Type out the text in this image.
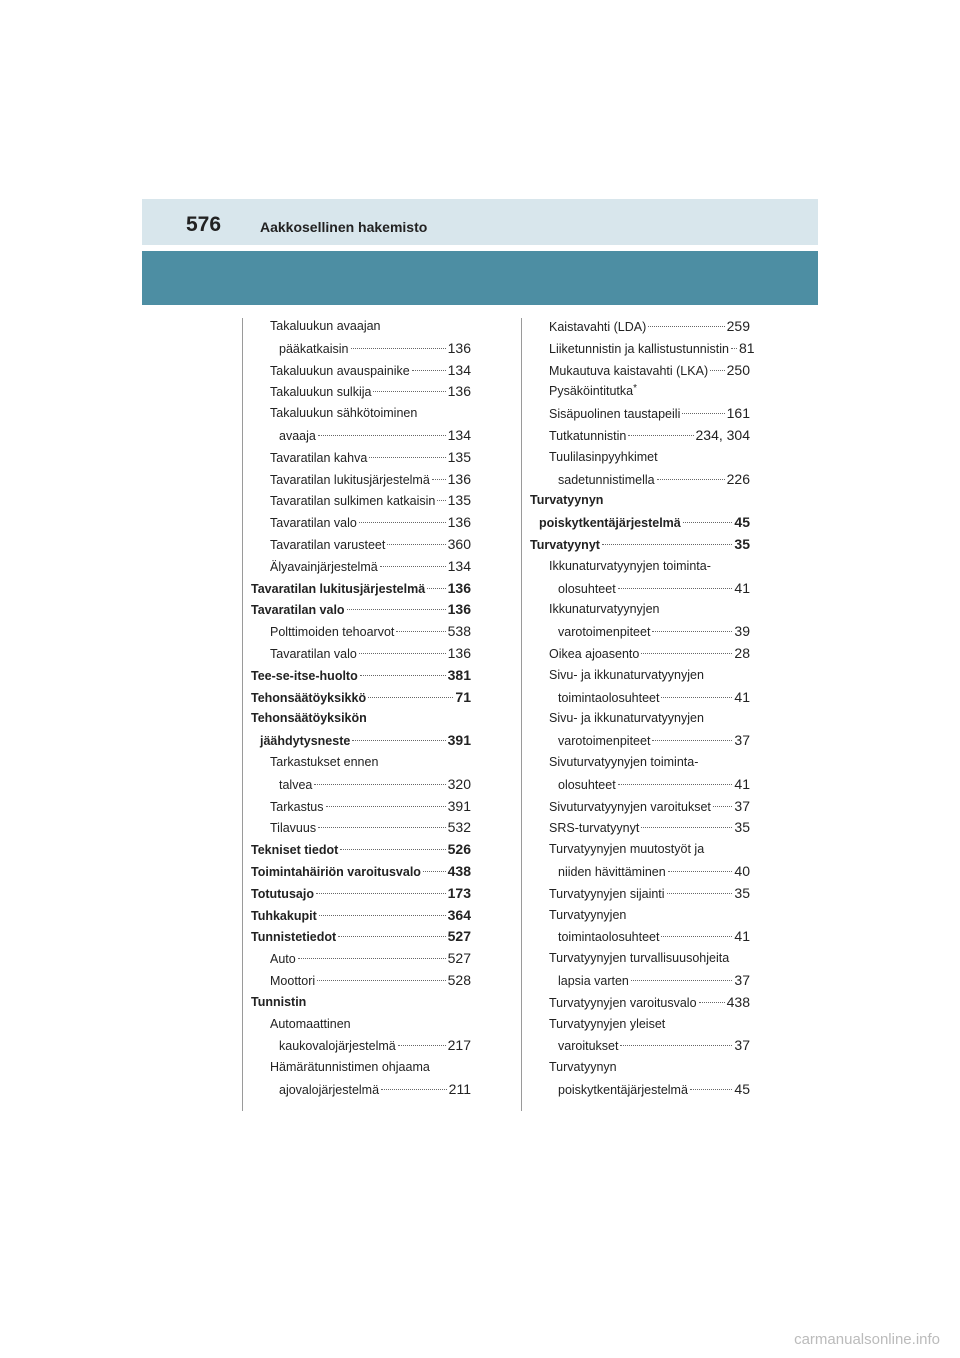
576	Aakkosellinen hakemisto
Takaluukun avaajan
pääkatkaisin	136
Takaluukun avauspainike	134
Takaluukun sulkija	136
Takaluukun sähkötoiminen
avaaja	134
Tavaratilan kahva	135
Tavaratilan lukitusjärjestelmä 136
Tavaratilan sulkimen katkaisin 135
Tavaratilan valo	136
Tavaratilan varusteet	360
Älyavainjärjestelmä	134
Tavaratilan lukitusjärjestelmä 136
Tavaratilan valo	136
Polttimoiden tehoarvot	538
Tavaratilan valo	136
Tee-se-itse-huolto	381
Tehonsäätöyksikkö	71
Tehonsäätöyksikön
jäähdytysneste	391
Tarkastukset ennen
talvea	320
Tarkastus	391
Tilavuus	532
Tekniset tiedot	526
Toimintahäiriön varoitusvalo 438
Totutusajo	173
Tuhkakupit	364
Tunnistetiedot	527
Auto	527
Moottori	528
Tunnistin
Automaattinen
kaukovalojärjestelmä	217
Hämärätunnistimen ohjaama
ajovalojärjestelmä	211
Kaistavahti (LDA)	259
Liiketunnistin ja kallistustunnistin 81
Mukautuva kaistavahti (LKA) 250
Pysäköintitutka *
Sisäpuolinen taustapeili	161
Tutkatunnistin	234, 304
Tuulilasinpyyhkimet
sadetunnistimella	226
Turvatyynyn
poiskytkentäjärjestelmä	45
Turvatyynyt	35
Ikkunaturvatyynyjen toiminta-
olosuhteet	41
Ikkunaturvatyynyjen
varotoimenpiteet	39
Oikea ajoasento	28
Sivu- ja ikkunaturvatyynyjen
toimintaolosuhteet	41
Sivu- ja ikkunaturvatyynyjen
varotoimenpiteet	37
Sivuturvatyynyjen toiminta-
olosuhteet	41
Sivuturvatyynyjen varoitukset 37
SRS-turvatyynyt	35
Turvatyynyjen muutostyöt ja
niiden hävittäminen	40
Turvatyynyjen sijainti	35
Turvatyynyjen
toimintaolosuhteet	41
Turvatyynyjen turvallisuusohjeita
lapsia varten	37
Turvatyynyjen varoitusvalo 438
Turvatyynyjen yleiset
varoitukset	37
Turvatyynyn
poiskytkentäjärjestelmä	45
carmanualsonline.info
